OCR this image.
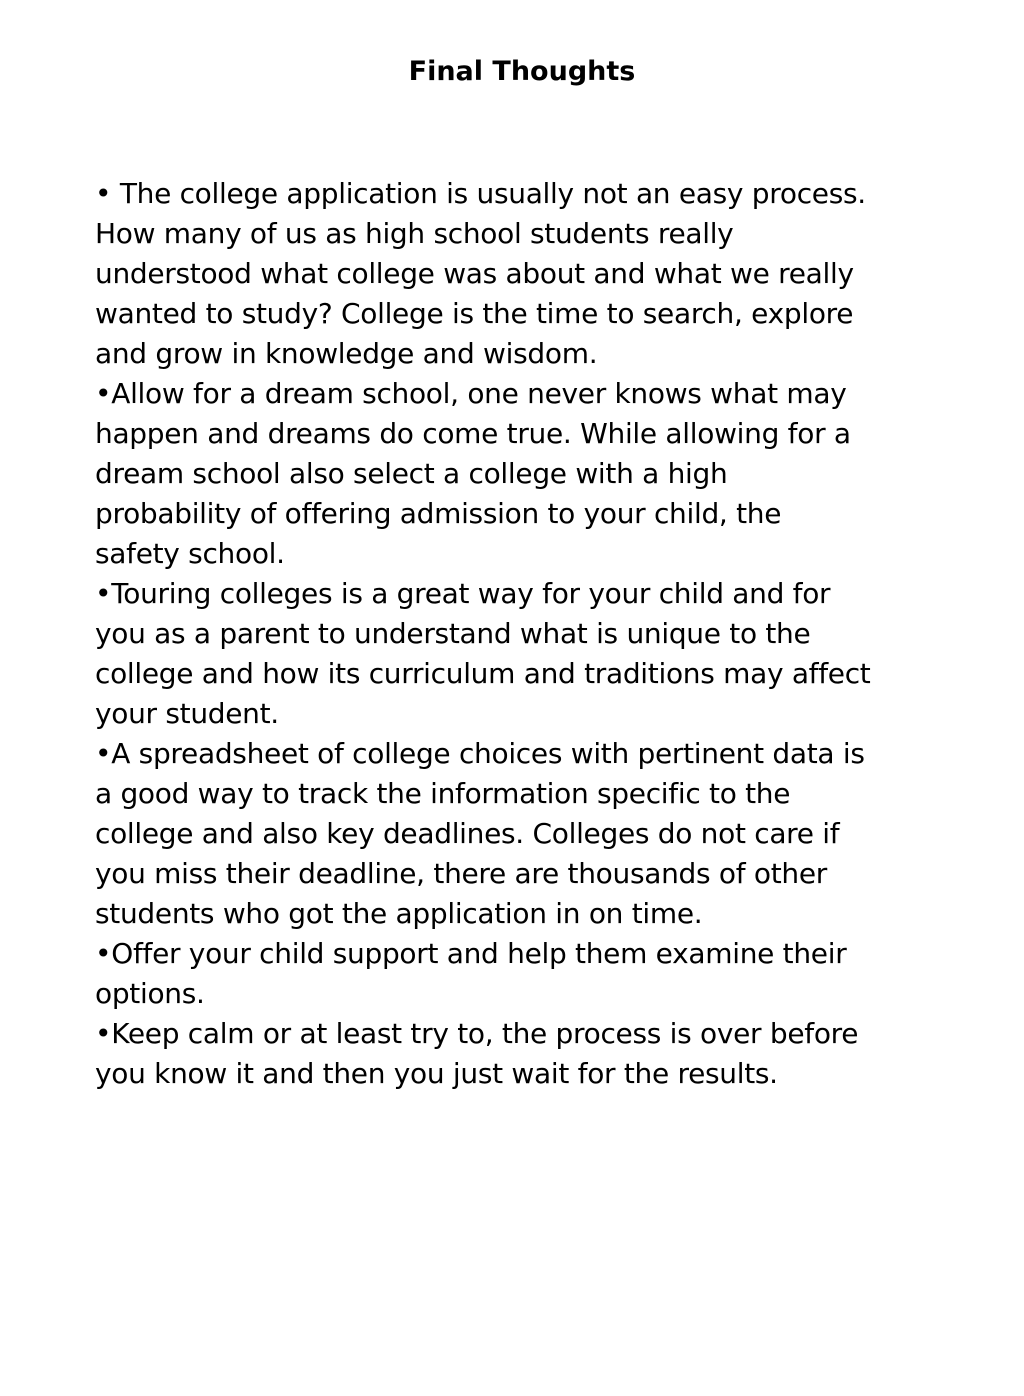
Final Thoughts

• The college application is usually not an easy process.
How many of us as high school students really
understood what college was about and what we really
wanted to study? College is the time to search, explore
and grow in knowledge and wisdom.

•Allow for a dream school, one never knows what may
happen and dreams do come true. While allowing for a
dream school also select a college with a high
probability of offering admission to your child, the
safety school.

•Touring colleges is a great way for your child and for
you as a parent to understand what is unique to the
college and how its curriculum and traditions may affect
your student.

•A spreadsheet of college choices with pertinent data is
a good way to track the information specific to the
college and also key deadlines. Colleges do not care if
you miss their deadline, there are thousands of other
students who got the application in on time.

•Offer your child support and help them examine their
options.

•Keep calm or at least try to, the process is over before
you know it and then you just wait for the results.
